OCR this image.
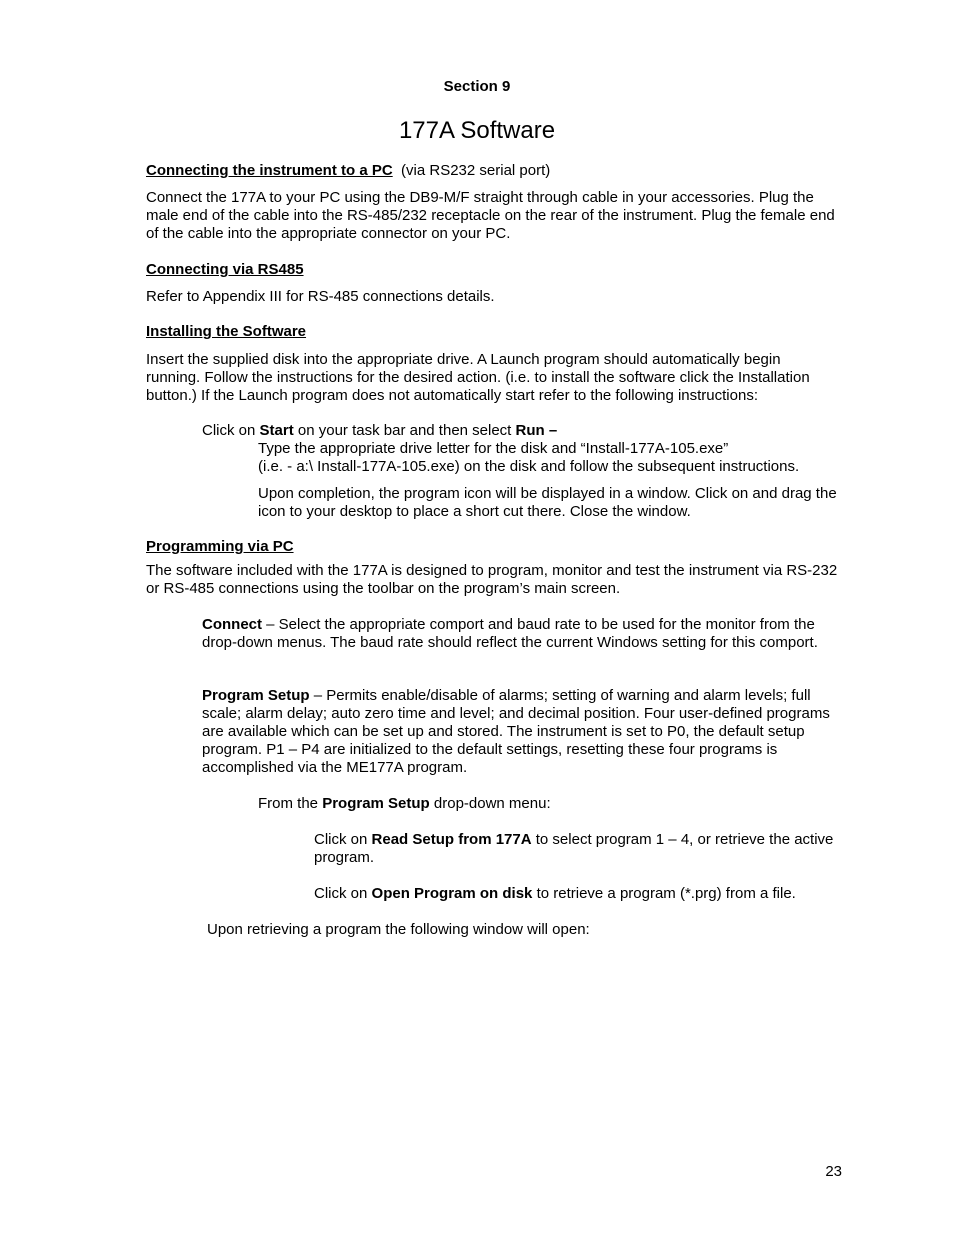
Section 9
177A Software
Connecting the instrument to a PC (via RS232 serial port)

Connect the 177A to your PC using the DB9-M/F straight through cable in your accessories. Plug the male end of the cable into the RS-485/232 receptacle on the rear of the instrument. Plug the female end of the cable into the appropriate connector on your PC.

Connecting via RS485

Refer to Appendix III for RS-485 connections details.

Installing the Software

Insert the supplied disk into the appropriate drive. A Launch program should automatically begin running. Follow the instructions for the desired action. (i.e. to install the software click the Installation button.) If the Launch program does not automatically start refer to the following instructions:

Click on Start on your task bar and then select Run –
Type the appropriate drive letter for the disk and “Install-177A-105.exe”
(i.e. - a:\ Install-177A-105.exe) on the disk and follow the subsequent instructions.

Upon completion, the program icon will be displayed in a window. Click on and drag the icon to your desktop to place a short cut there. Close the window.

Programming via PC

The software included with the 177A is designed to program, monitor and test the instrument via RS-232 or RS-485 connections using the toolbar on the program’s main screen.

Connect – Select the appropriate comport and baud rate to be used for the monitor from the drop-down menus. The baud rate should reflect the current Windows setting for this comport.

Program Setup – Permits enable/disable of alarms; setting of warning and alarm levels; full scale; alarm delay; auto zero time and level; and decimal position. Four user-defined programs are available which can be set up and stored. The instrument is set to P0, the default setup program. P1 – P4 are initialized to the default settings, resetting these four programs is accomplished via the ME177A program.

From the Program Setup drop-down menu:

Click on Read Setup from 177A to select program 1 – 4, or retrieve the active program.

Click on Open Program on disk to retrieve a program (*.prg) from a file.

Upon retrieving a program the following window will open:
23
